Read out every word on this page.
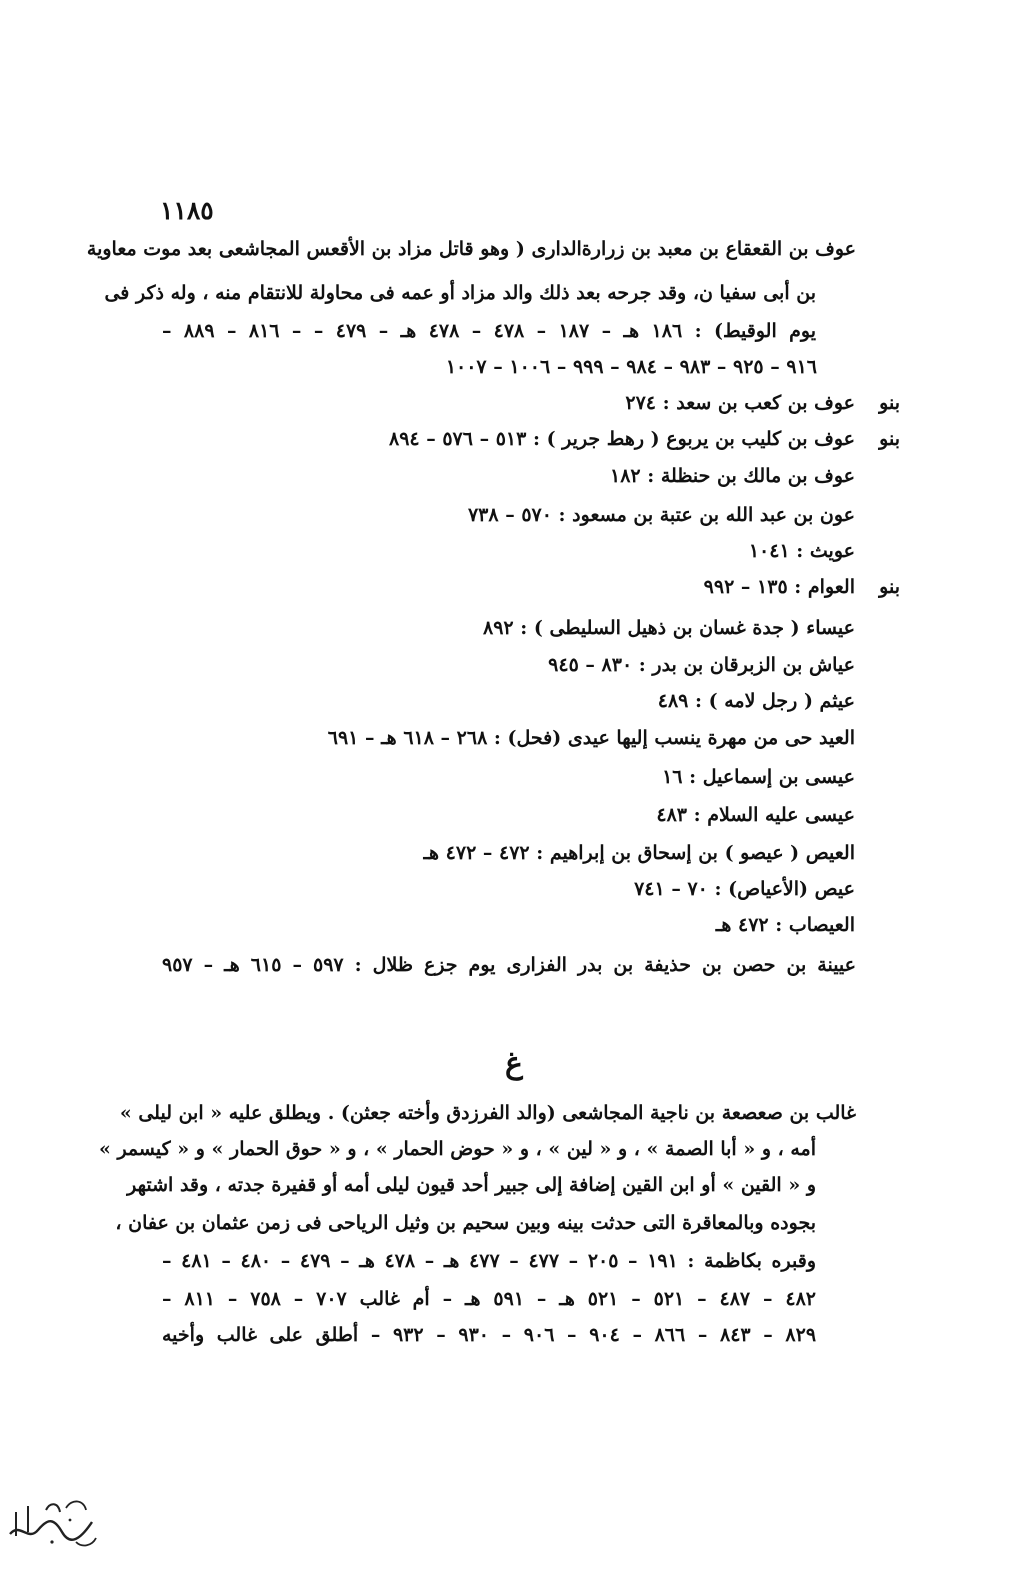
١١٨٥
عوف بن القعقاع بن معبد بن زرارةالدارى ( وهو قاتل مزاد بن الأقعس المجاشعى بعد موت معاوية
بن أبى سفيا ن، وقد جرحه بعد ذلك والد مزاد أو عمه فى محاولة للانتقام منه ، وله ذكر فى
يوم الوقيط) : ١٨٦ هـ – ١٨٧ – ٤٧٨ – ٤٧٨ هـ – ٤٧٩ – – ٨١٦ – ٨٨٩ –
٩١٦ – ٩٢٥ – ٩٨٣ – ٩٨٤ – ٩٩٩ – ١٠٠٦ – ١٠٠٧
بنو
عوف بن كعب بن سعد : ٢٧٤
بنو
عوف بن كليب بن يربوع ( رهط جرير ) : ٥١٣ – ٥٧٦ – ٨٩٤
عوف بن مالك بن حنظلة : ١٨٢
عون بن عبد الله بن عتبة بن مسعود : ٥٧٠ – ٧٣٨
عويث : ١٠٤١
بنو
العوام : ١٣٥ – ٩٩٢
عيساء ( جدة غسان بن ذهيل السليطى ) : ٨٩٢
عياش بن الزبرقان بن بدر : ٨٣٠ – ٩٤٥
عيثم ( رجل لامه ) : ٤٨٩
العيد حى من مهرة ينسب إليها عيدى (فحل) : ٢٦٨ – ٦١٨ هـ – ٦٩١
عيسى بن إسماعيل : ١٦
عيسى عليه السلام : ٤٨٣
العيص ( عيصو ) بن إسحاق بن إبراهيم : ٤٧٢ – ٤٧٢ هـ
عيص (الأعياص) : ٧٠ – ٧٤١
العيصاب : ٤٧٢ هـ
عيينة بن حصن بن حذيفة بن بدر الفزارى يوم جزع ظلال : ٥٩٧ – ٦١٥ هـ – ٩٥٧
غ
غالب بن صعصعة بن ناجية المجاشعى (والد الفرزدق وأخته جعثن) . ويطلق عليه « ابن ليلى »
أمه ، و « أبا الصمة » ، و « لين » ، و « حوض الحمار » ، و « حوق الحمار » و « كيسمر »
و « القين » أو ابن القين إضافة إلى جبير أحد قيون ليلى أمه أو قفيرة جدته ، وقد اشتهر
بجوده وبالمعاقرة التى حدثت بينه وبين سحيم بن وثيل الرياحى فى زمن عثمان بن عفان ،
وقبره بكاظمة : ١٩١ – ٢٠٥ – ٤٧٧ – ٤٧٧ هـ – ٤٧٨ هـ – ٤٧٩ – ٤٨٠ – ٤٨١ –
٤٨٢ – ٤٨٧ – ٥٢١ – ٥٢١ هـ – ٥٩١ هـ – أم غالب ٧٠٧ – ٧٥٨ – ٨١١ –
٨٢٩ – ٨٤٣ – ٨٦٦ – ٩٠٤ – ٩٠٦ – ٩٣٠ – ٩٣٢ – أطلق على غالب وأخيه
